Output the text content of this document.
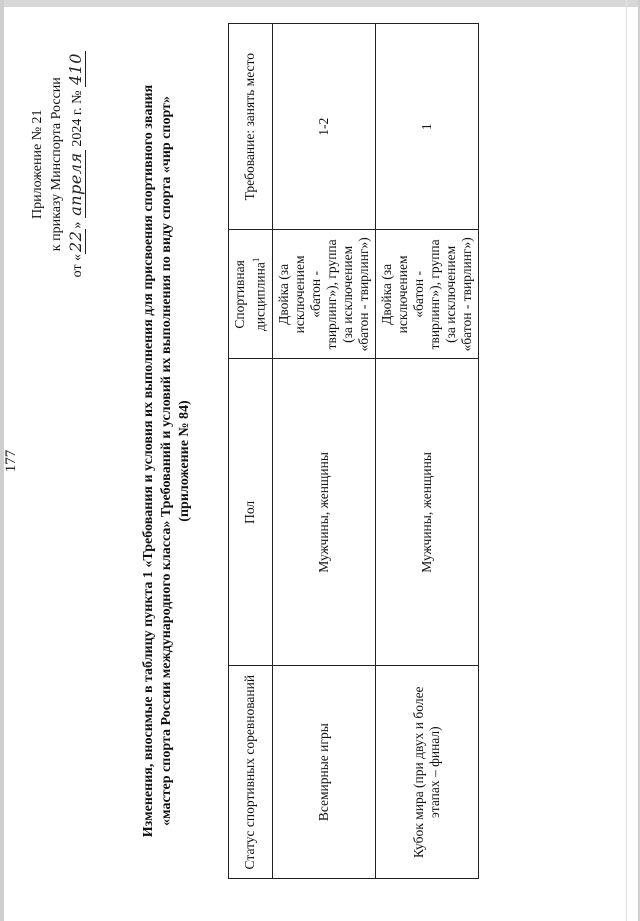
177
Приложение № 21 к приказу Минспорта России
от «22» апреля 2024 г. № 410
Изменения, вносимые в таблицу пункта 1 «Требования и условия их выполнения для присвоения спортивного звания «мастер спорта России международного класса» Требований и условий их выполнения по виду спорта «чир спорт» (приложение № 84)
Статус спортивных соревнований	Пол	Спортивная дисциплина$^1$	Требование: занять место
Всемирные игры	Мужчины, женщины	Двойка (за исключением «батон - твирлинг»), группа (за исключением «батон - твирлинг»)	1-2
Кубок мира (при двух и более этапах – финал)	Мужчины, женщины	Двойка (за исключением «батон - твирлинг»), группа (за исключением «батон - твирлинг»)	1
